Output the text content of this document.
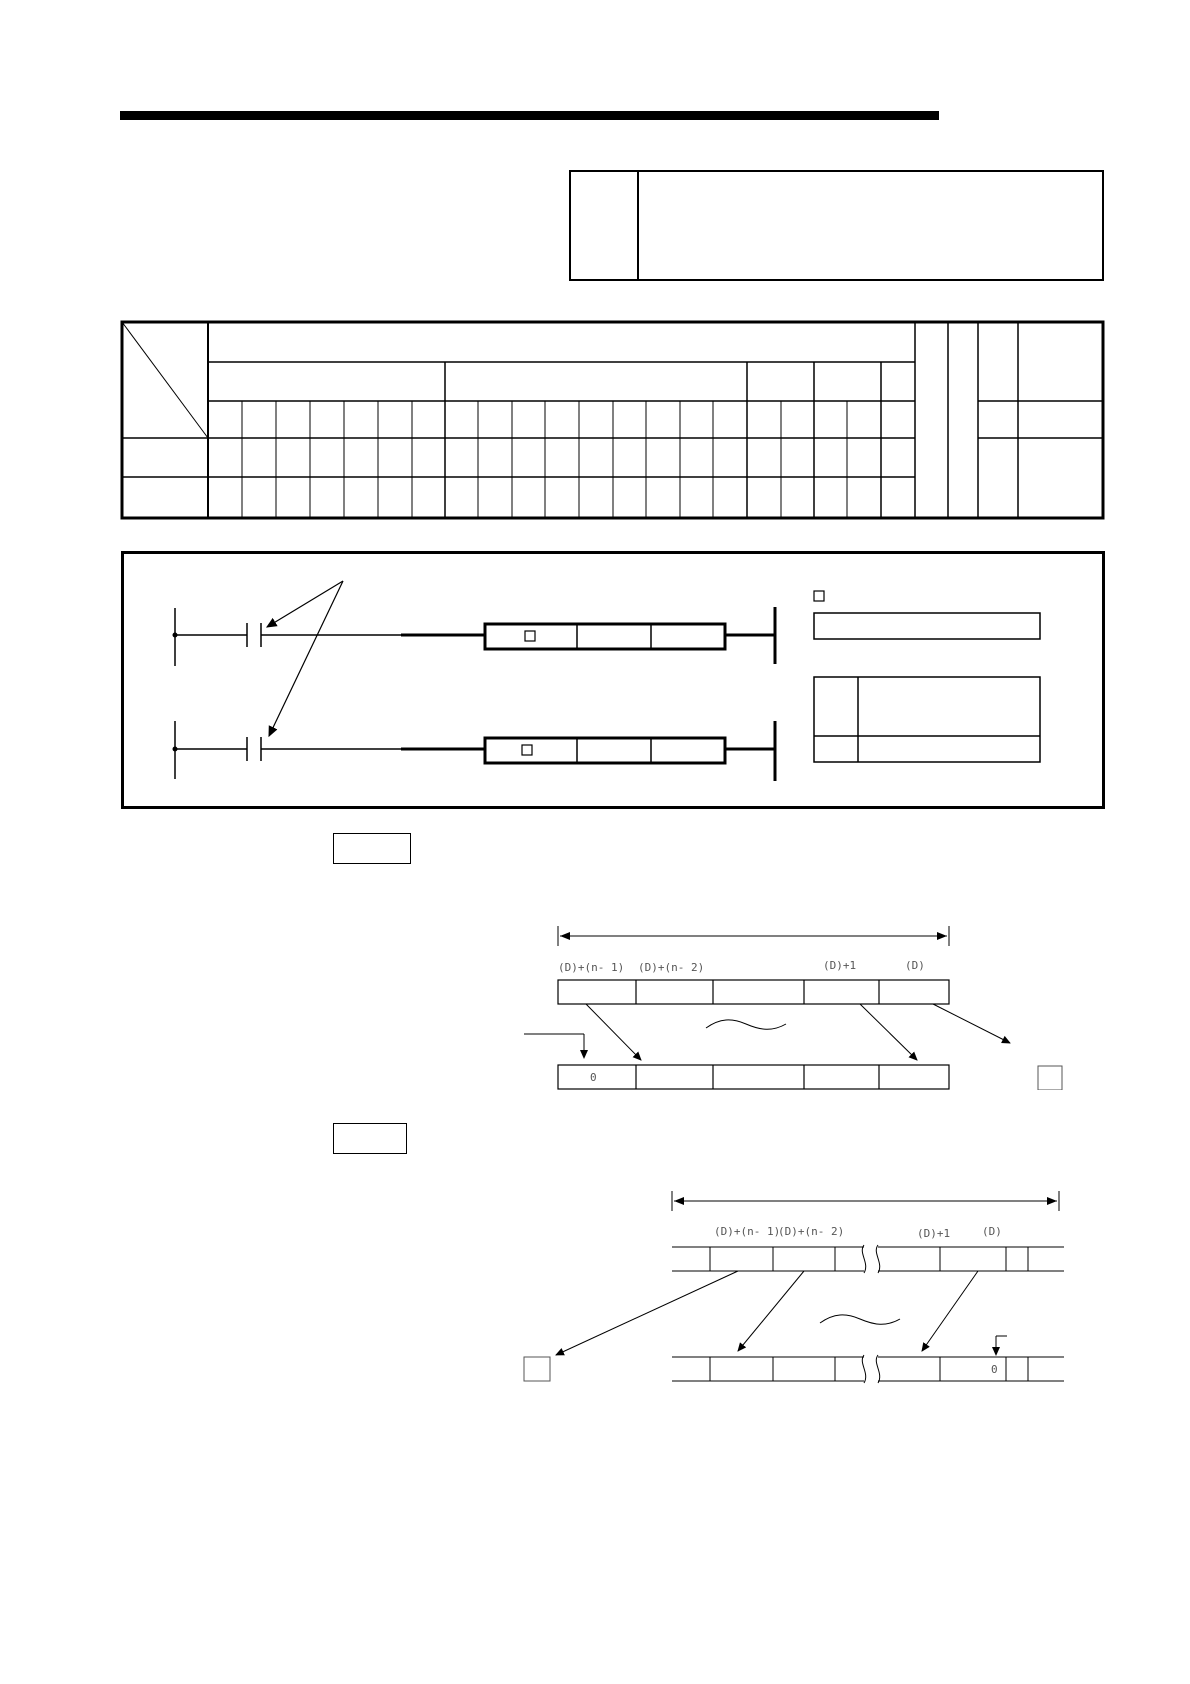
(D)+(n- 1) (D)+(n- 2)	(D)+1	(D)
0
(D)+(n- 1)
(D)+(n- 2)	(D)+1	(D)
0
